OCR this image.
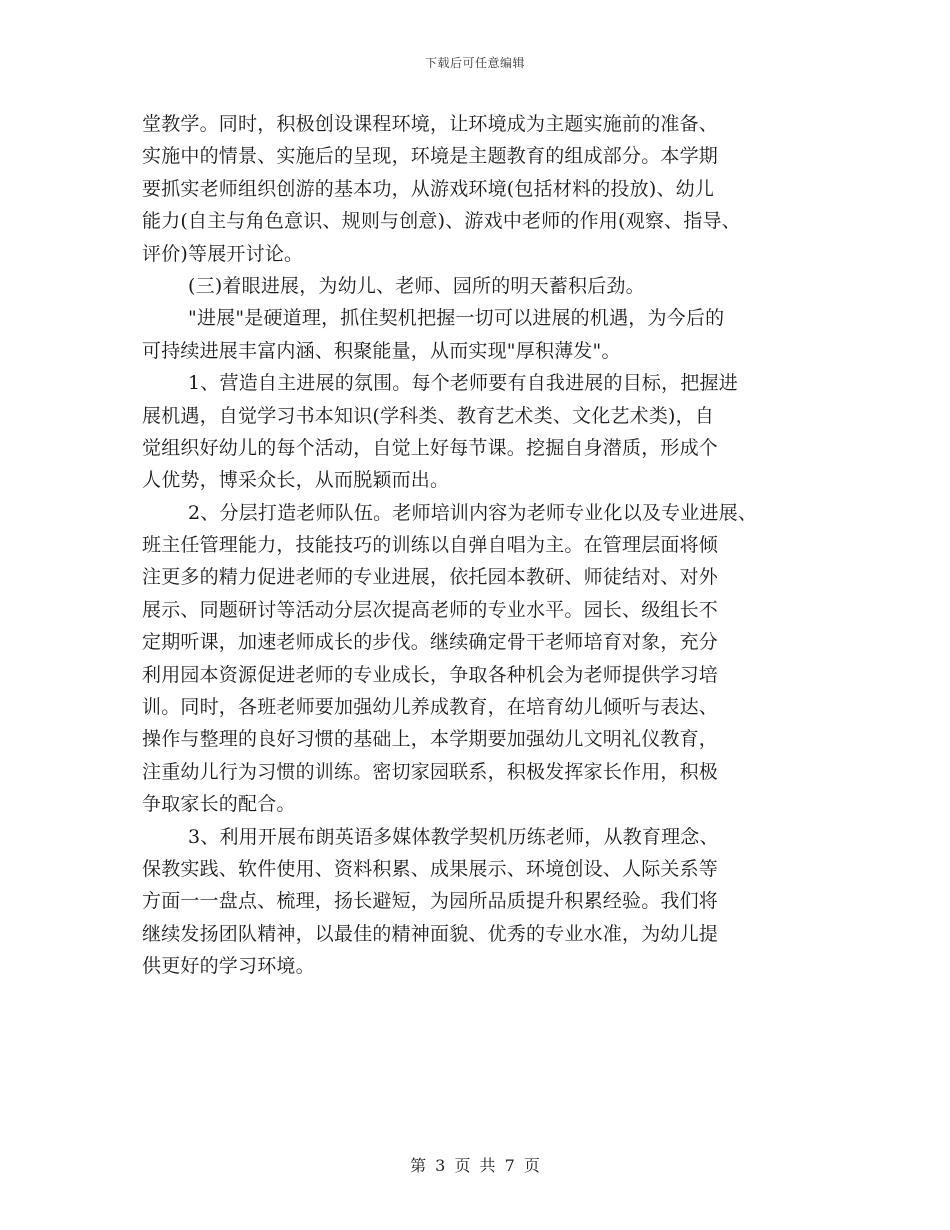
下载后可任意编辑
堂教学。同时，积极创设课程环境，让环境成为主题实施前的准备、
实施中的情景、实施后的呈现，环境是主题教育的组成部分。本学期
要抓实老师组织创游的基本功，从游戏环境(包括材料的投放)、幼儿
能力(自主与角色意识、规则与创意)、游戏中老师的作用(观察、指导、
评价)等展开讨论。
(三)着眼进展，为幼儿、老师、园所的明天蓄积后劲。
"进展"是硬道理，抓住契机把握一切可以进展的机遇，为今后的
可持续进展丰富内涵、积聚能量，从而实现"厚积薄发"。
1、营造自主进展的氛围。每个老师要有自我进展的目标，把握进
展机遇，自觉学习书本知识(学科类、教育艺术类、文化艺术类)，自
觉组织好幼儿的每个活动，自觉上好每节课。挖掘自身潜质，形成个
人优势，博采众长，从而脱颖而出。
2、分层打造老师队伍。老师培训内容为老师专业化以及专业进展、
班主任管理能力，技能技巧的训练以自弹自唱为主。在管理层面将倾
注更多的精力促进老师的专业进展，依托园本教研、师徒结对、对外
展示、同题研讨等活动分层次提高老师的专业水平。园长、级组长不
定期听课，加速老师成长的步伐。继续确定骨干老师培育对象，充分
利用园本资源促进老师的专业成长，争取各种机会为老师提供学习培
训。同时，各班老师要加强幼儿养成教育，在培育幼儿倾听与表达、
操作与整理的良好习惯的基础上，本学期要加强幼儿文明礼仪教育，
注重幼儿行为习惯的训练。密切家园联系，积极发挥家长作用，积极
争取家长的配合。
3、利用开展布朗英语多媒体教学契机历练老师，从教育理念、
保教实践、软件使用、资料积累、成果展示、环境创设、人际关系等
方面一一盘点、梳理，扬长避短，为园所品质提升积累经验。我们将
继续发扬团队精神，以最佳的精神面貌、优秀的专业水准，为幼儿提
供更好的学习环境。
第 3 页 共 7 页
